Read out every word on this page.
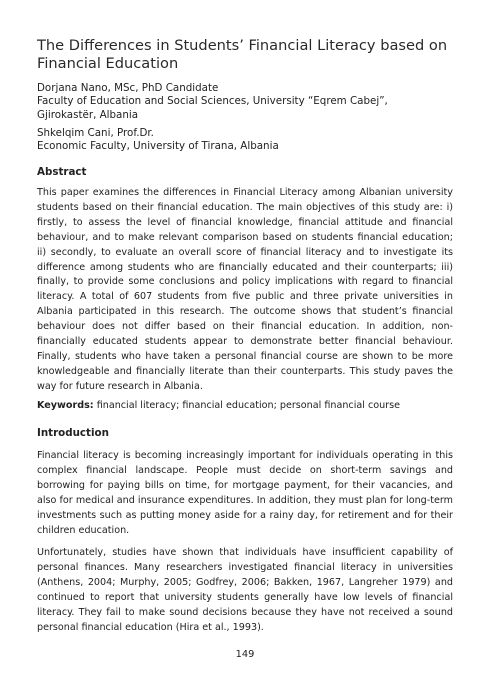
The Differences in Students’ Financial Literacy based on Financial Education
Dorjana Nano, MSc, PhD Candidate
Faculty of Education and Social Sciences, University “Eqrem Cabej”,
Gjirokastër, Albania
Shkelqim Cani, Prof.Dr.
Economic Faculty, University of Tirana, Albania
Abstract

This paper examines the differences in Financial Literacy among Albanian university students based on their financial education. The main objectives of this study are: i) firstly, to assess the level of financial knowledge, financial attitude and financial behaviour, and to make relevant comparison based on students financial education; ii) secondly, to evaluate an overall score of financial literacy and to investigate its difference among students who are financially educated and their counterparts; iii) finally, to provide some conclusions and policy implications with regard to financial literacy. A total of 607 students from five public and three private universities in Albania participated in this research. The outcome shows that student’s financial behaviour does not differ based on their financial education. In addition, non-financially educated students appear to demonstrate better financial behaviour. Finally, students who have taken a personal financial course are shown to be more knowledgeable and financially literate than their counterparts. This study paves the way for future research in Albania.

Keywords: financial literacy; financial education; personal financial course

Introduction

Financial literacy is becoming increasingly important for individuals operating in this complex financial landscape. People must decide on short-term savings and borrowing for paying bills on time, for mortgage payment, for their vacancies, and also for medical and insurance expenditures. In addition, they must plan for long-term investments such as putting money aside for a rainy day, for retirement and for their children education.

Unfortunately, studies have shown that individuals have insufficient capability of personal finances. Many researchers investigated financial literacy in universities (Anthens, 2004; Murphy, 2005; Godfrey, 2006; Bakken, 1967, Langreher 1979) and continued to report that university students generally have low levels of financial literacy. They fail to make sound decisions because they have not received a sound personal financial education (Hira et al., 1993).

149
